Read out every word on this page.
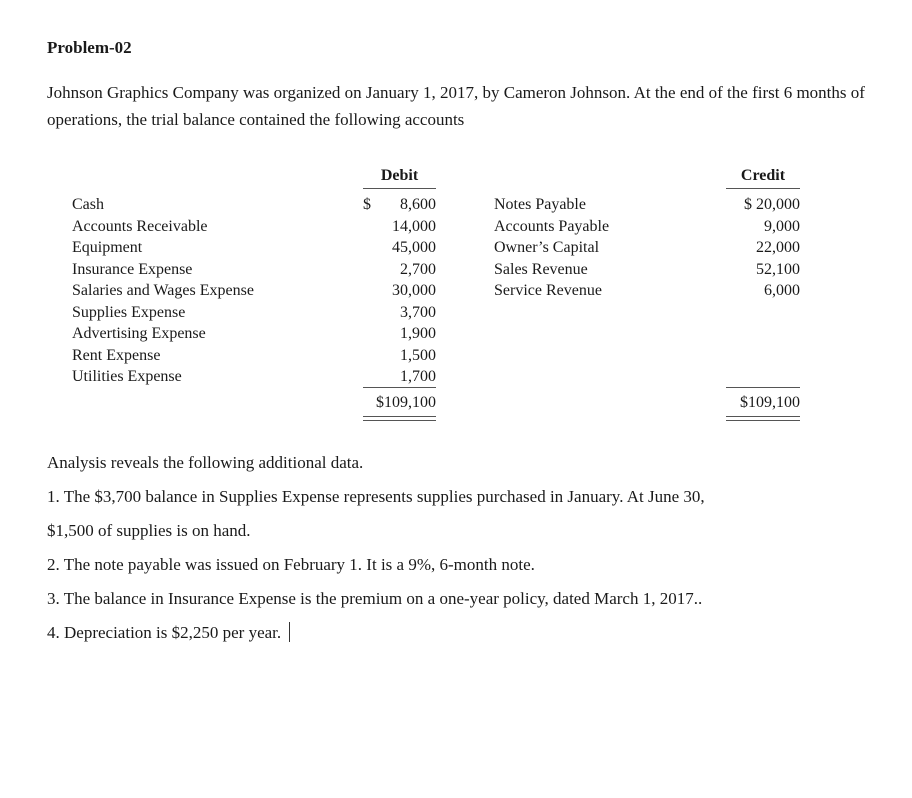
Problem-02

Johnson Graphics Company was organized on January 1, 2017, by Cameron Johnson. At the end of the first 6 months of operations, the trial balance contained the following accounts

Debit	Credit
Cash
Accounts Receivable
Equipment
Insurance Expense
Salaries and Wages Expense
Supplies Expense
Advertising Expense
Rent Expense
Utilities Expense
$ 8,600
14,000
45,000
2,700
30,000
3,700
1,900
1,500
1,700
Notes Payable
Accounts Payable
Owner’s Capital
Sales Revenue
Service Revenue
$ 20,000
9,000
22,000
52,100
6,000
$109,100	$109,100

Analysis reveals the following additional data.

1. The $3,700 balance in Supplies Expense represents supplies purchased in January. At June 30,

$1,500 of supplies is on hand.

2. The note payable was issued on February 1. It is a 9%, 6-month note.

3. The balance in Insurance Expense is the premium on a one-year policy, dated March 1, 2017..

4. Depreciation is $2,250 per year.
